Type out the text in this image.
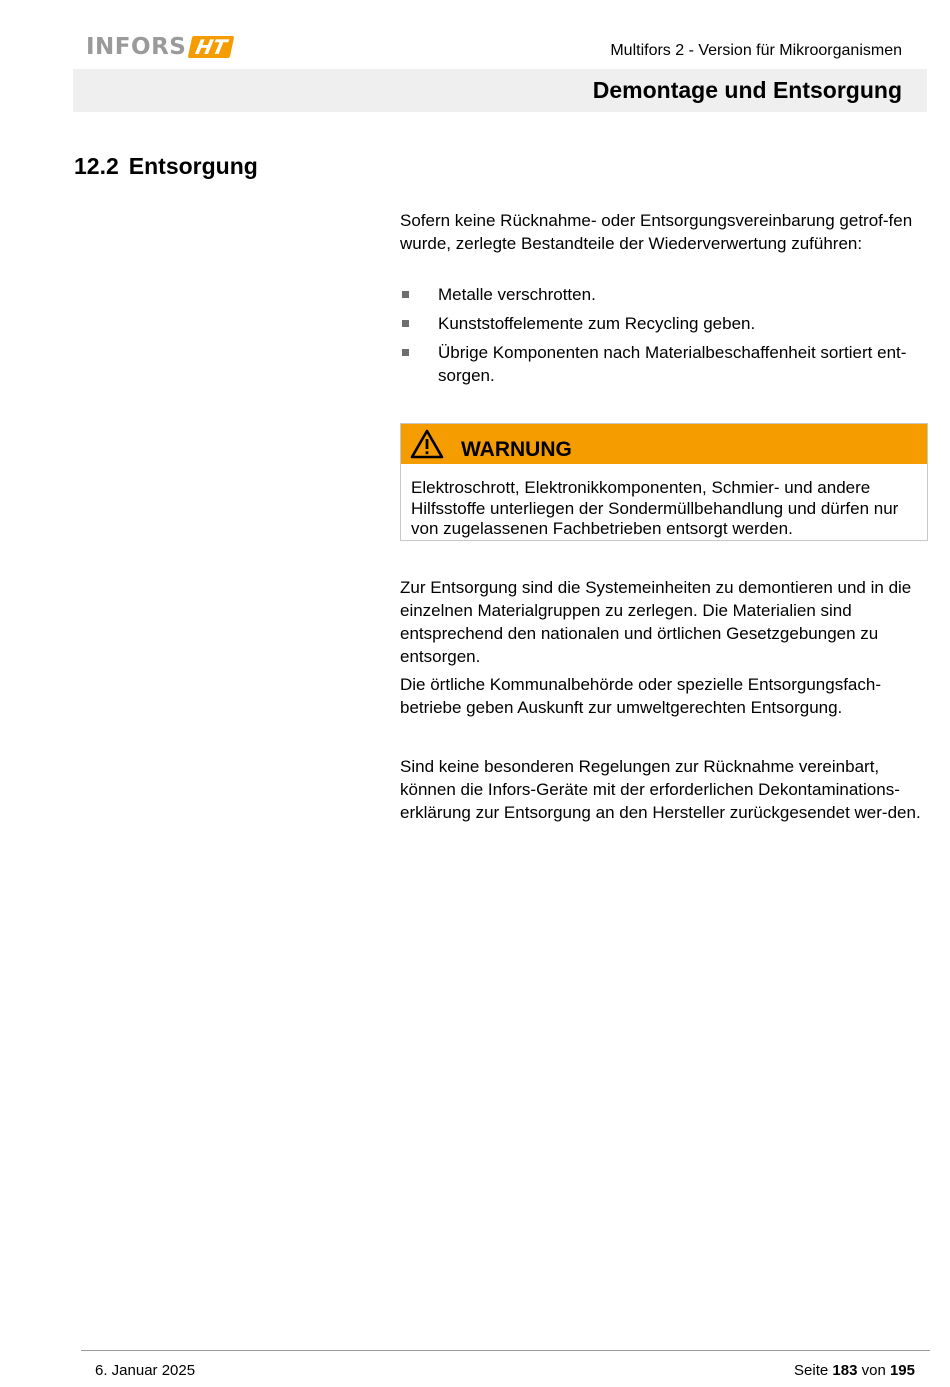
INFORS HT	Multifors 2 - Version für Mikroorganismen
Demontage und Entsorgung
12.2 Entsorgung

Sofern keine Rücknahme- oder Entsorgungsvereinbarung getrof-fen wurde, zerlegte Bestandteile der Wiederverwertung zuführen:

Metalle verschrotten.
Kunststoffelemente zum Recycling geben.
Übrige Komponenten nach Materialbeschaffenheit sortiert ent-sorgen.
WARNUNG

Elektroschrott, Elektronikkomponenten, Schmier- und andere Hilfsstoffe unterliegen der Sondermüllbehandlung und dürfen nur von zugelassenen Fachbetrieben entsorgt werden.

Zur Entsorgung sind die Systemeinheiten zu demontieren und in die einzelnen Materialgruppen zu zerlegen. Die Materialien sind entsprechend den nationalen und örtlichen Gesetzgebungen zu entsorgen.

Die örtliche Kommunalbehörde oder spezielle Entsorgungsfach-betriebe geben Auskunft zur umweltgerechten Entsorgung.

Sind keine besonderen Regelungen zur Rücknahme vereinbart, können die Infors-Geräte mit der erforderlichen Dekontaminations-erklärung zur Entsorgung an den Hersteller zurückgesendet wer-den.

6. Januar 2025	Seite 183 von 195
